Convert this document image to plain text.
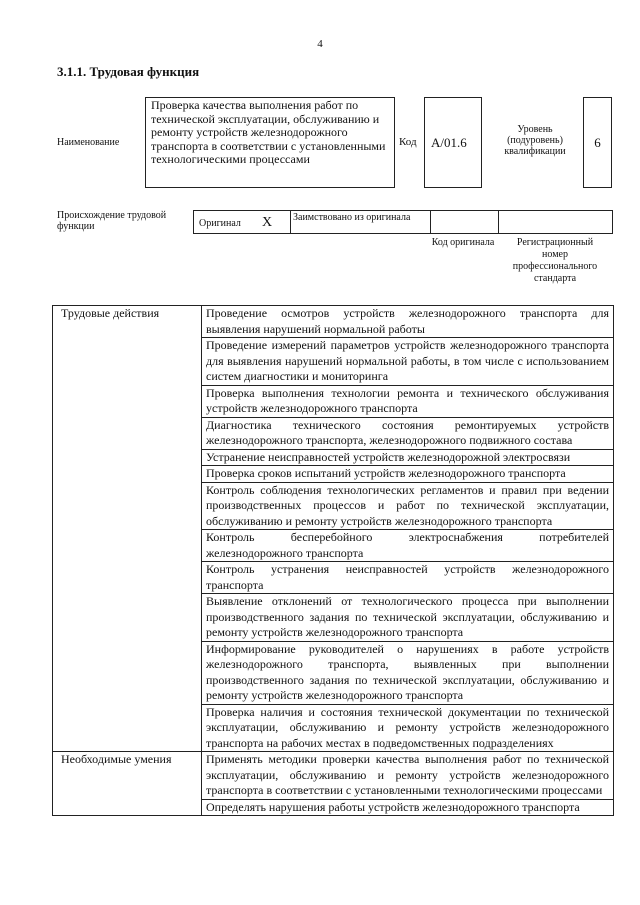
4
3.1.1. Трудовая функция
Наименование
Проверка качества выполнения работ по технической эксплуатации, обслуживанию и ремонту устройств железнодорожного транспорта в соответствии с установленными технологическими процессами
Код A/01.6
Уровень (подуровень) квалификации
6
Происхождение трудовой функции	Оригинал X Заимствовано из оригинала
Код оригинала	Регистрационный номер профессионального стандарта
Трудовые действия	Проведение осмотров устройств железнодорожного транспорта для выявления нарушений нормальной работы
	Проведение измерений параметров устройств железнодорожного транспорта для выявления нарушений нормальной работы, в том числе с использованием систем диагностики и мониторинга
	Проверка выполнения технологии ремонта и технического обслуживания устройств железнодорожного транспорта
	Диагностика технического состояния ремонтируемых устройств железнодорожного транспорта, железнодорожного подвижного состава
	Устранение неисправностей устройств железнодорожной электросвязи
	Проверка сроков испытаний устройств железнодорожного транспорта
	Контроль соблюдения технологических регламентов и правил при ведении производственных процессов и работ по технической эксплуатации, обслуживанию и ремонту устройств железнодорожного транспорта
	Контроль бесперебойного электроснабжения потребителей железнодорожного транспорта
	Контроль устранения неисправностей устройств железнодорожного транспорта
	Выявление отклонений от технологического процесса при выполнении производственного задания по технической эксплуатации, обслуживанию и ремонту устройств железнодорожного транспорта
	Информирование руководителей о нарушениях в работе устройств железнодорожного транспорта, выявленных при выполнении производственного задания по технической эксплуатации, обслуживанию и ремонту устройств железнодорожного транспорта
	Проверка наличия и состояния технической документации по технической эксплуатации, обслуживанию и ремонту устройств железнодорожного транспорта на рабочих местах в подведомственных подразделениях
Необходимые умения	Применять методики проверки качества выполнения работ по технической эксплуатации, обслуживанию и ремонту устройств железнодорожного транспорта в соответствии с установленными технологическими процессами
	Определять нарушения работы устройств железнодорожного транспорта
